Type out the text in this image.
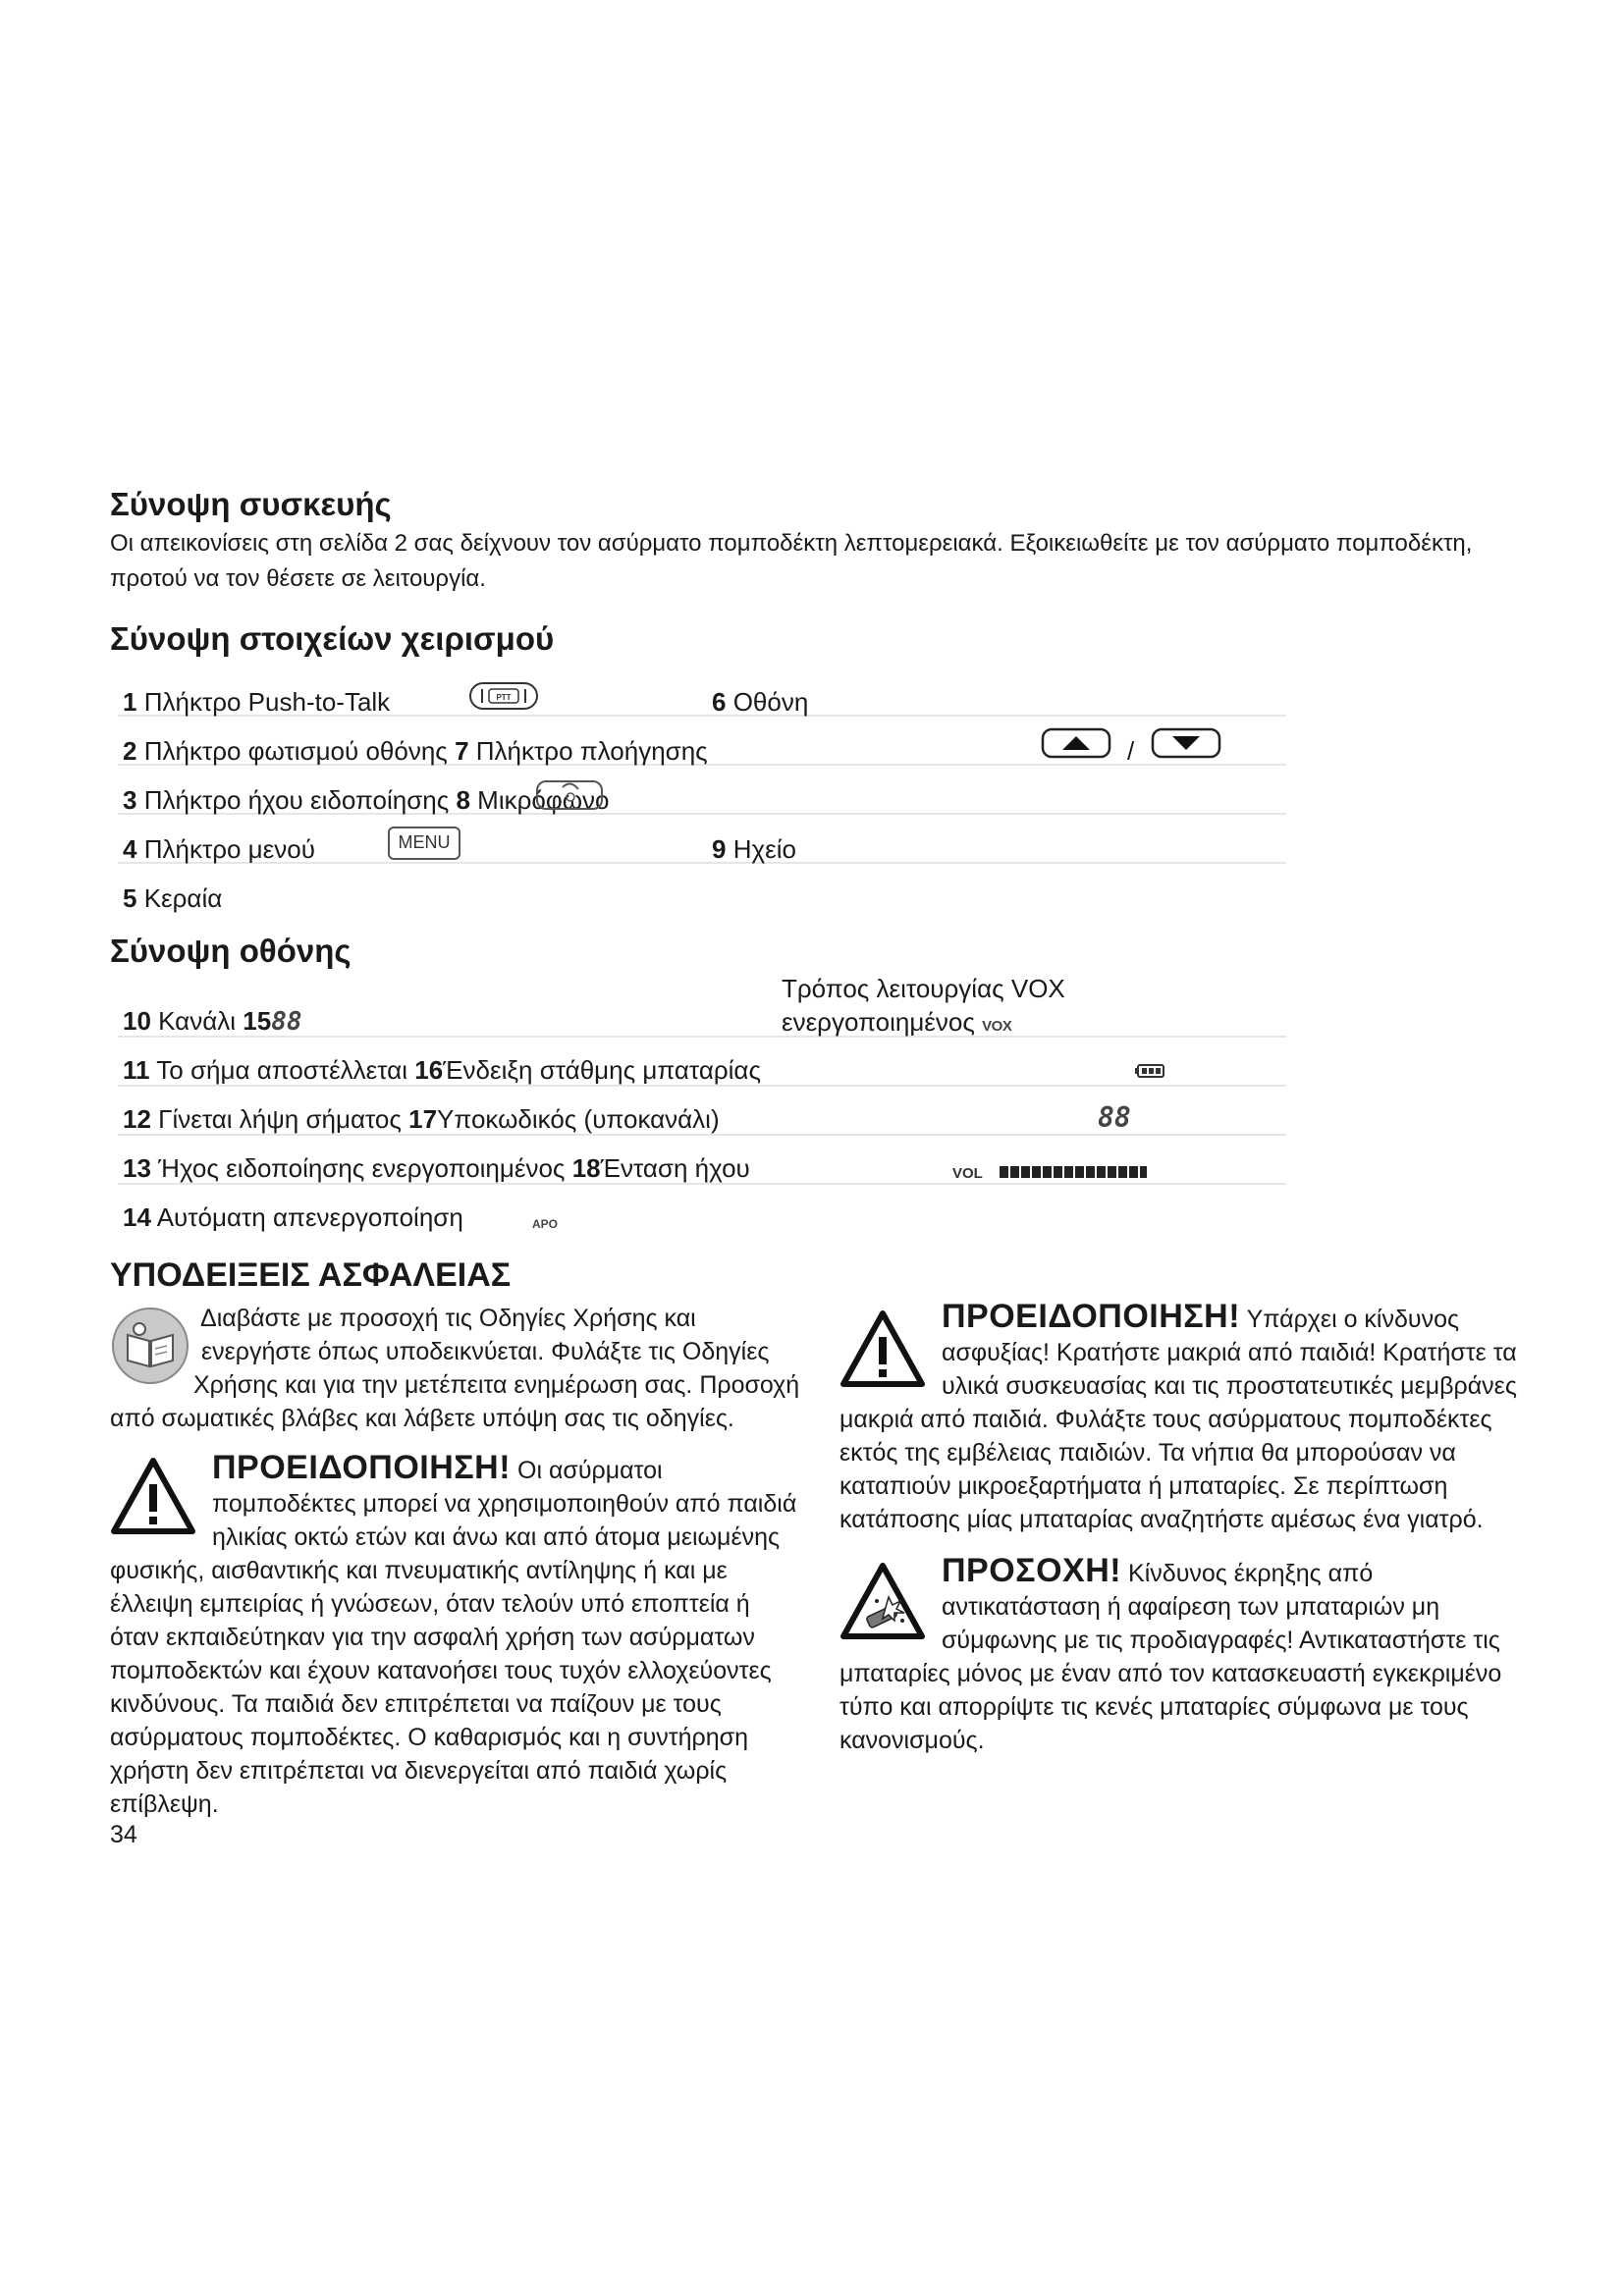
Σύνοψη συσκευής
Οι απεικονίσεις στη σελίδα 2 σας δείχνουν τον ασύρματο πομποδέκτη λεπτομερειακά. Εξοικειωθείτε με τον ασύρματο πομποδέκτη, προτού να τον θέσετε σε λειτουργία.
Σύνοψη στοιχείων χειρισμού
1 Πλήκτρο Push-to-Talk	PTT	6 Οθόνη
2 Πλήκτρο φωτισμού οθόνης 7 Πλήκτρο πλοήγησης	/
3 Πλήκτρο ήχου ειδοποίησης 8 Μικρόφωνο
4 Πλήκτρο μενού	MENU	9 Ηχείο
5 Κεραία
Σύνοψη οθόνης
10 Κανάλι 1588
Τρόπος λειτουργίας VOX ενεργοποιημένος VOX
11 Το σήμα αποστέλλεται 16Ένδειξη στάθμης μπαταρίας
12 Γίνεται λήψη σήματος 17Υποκωδικός (υποκανάλι)	88
13 Ήχος ειδοποίησης ενεργοποιημένος 18Ένταση ήχου	VOL
14 Αυτόματη απενεργοποίηση	APO
ΥΠΟΔΕΙΞΕΙΣ ΑΣΦΑΛΕΙΑΣ
Διαβάστε με προσοχή τις Οδηγίες Χρήσης και ενεργήστε όπως υποδεικνύεται. Φυλάξτε τις Οδηγίες Χρήσης και για την μετέπειτα ενημέρωση σας. Προσοχή από σωματικές βλάβες και λάβετε υπόψη σας τις οδηγίες.
ΠΡΟΕΙΔΟΠΟΙΗΣΗ! Οι ασύρματοι πομποδέκτες μπορεί να χρησιμοποιηθούν από παιδιά ηλικίας οκτώ ετών και άνω και από άτομα μειωμένης φυσικής, αισθαντικής και πνευματικής αντίληψης ή και με έλλειψη εμπειρίας ή γνώσεων, όταν τελούν υπό εποπτεία ή όταν εκπαιδεύτηκαν για την ασφαλή χρήση των ασύρματων πομποδεκτών και έχουν κατανοήσει τους τυχόν ελλοχεύοντες κινδύνους. Τα παιδιά δεν επιτρέπεται να παίζουν με τους ασύρματους πομποδέκτες. Ο καθαρισμός και η συντήρηση χρήστη δεν επιτρέπεται να διενεργείται από παιδιά χωρίς επίβλεψη.
34
ΠΡΟΕΙΔΟΠΟΙΗΣΗ! Υπάρχει ο κίνδυνος ασφυξίας! Κρατήστε μακριά από παιδιά! Κρατήστε τα υλικά συσκευασίας και τις προστατευτικές μεμβράνες μακριά από παιδιά. Φυλάξτε τους ασύρματους πομποδέκτες εκτός της εμβέλειας παιδιών. Τα νήπια θα μπορούσαν να καταπιούν μικροεξαρτήματα ή μπαταρίες. Σε περίπτωση κατάποσης μίας μπαταρίας αναζητήστε αμέσως ένα γιατρό.
ΠΡΟΣΟΧΗ! Κίνδυνος έκρηξης από αντικατάσταση ή αφαίρεση των μπαταριών μη σύμφωνης με τις προδιαγραφές! Αντικαταστήστε τις μπαταρίες μόνος με έναν από τον κατασκευαστή εγκεκριμένο τύπο και απορρίψτε τις κενές μπαταρίες σύμφωνα με τους κανονισμούς.
